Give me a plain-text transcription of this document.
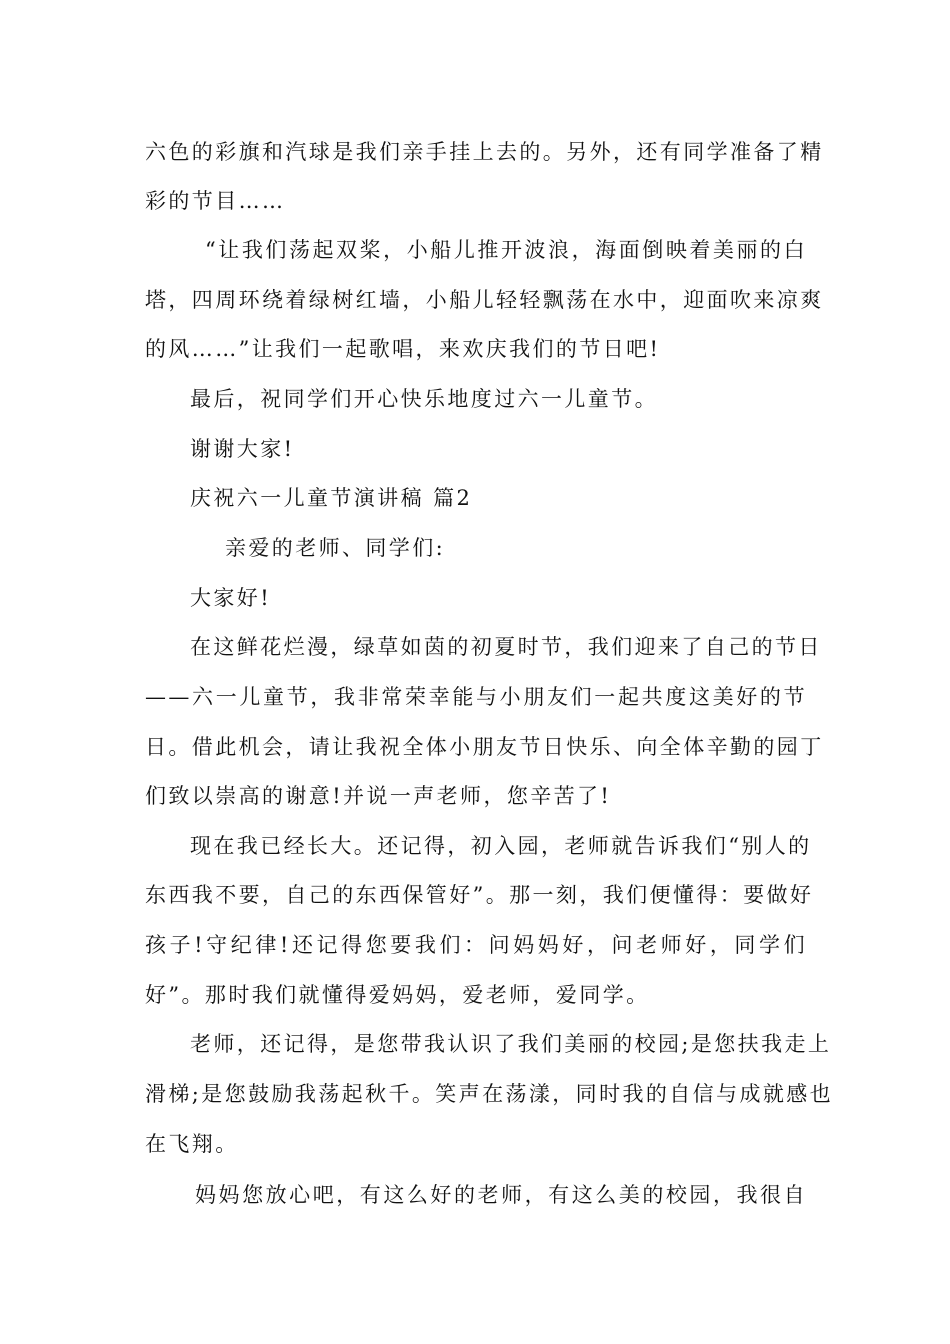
六色的彩旗和汽球是我们亲手挂上去的。另外，还有同学准备了精
彩的节目……
“让我们荡起双桨，小船儿推开波浪，海面倒映着美丽的白
塔，四周环绕着绿树红墙，小船儿轻轻飘荡在水中，迎面吹来凉爽
的风……”让我们一起歌唱，来欢庆我们的节日吧!
最后，祝同学们开心快乐地度过六一儿童节。
谢谢大家!
庆祝六一儿童节演讲稿 篇2
亲爱的老师、同学们:
大家好!
在这鲜花烂漫，绿草如茵的初夏时节，我们迎来了自己的节日
——六一儿童节，我非常荣幸能与小朋友们一起共度这美好的节
日。借此机会，请让我祝全体小朋友节日快乐、向全体辛勤的园丁
们致以崇高的谢意!并说一声老师，您辛苦了!
现在我已经长大。还记得，初入园，老师就告诉我们“别人的
东西我不要，自己的东西保管好”。那一刻，我们便懂得：要做好
孩子!守纪律!还记得您要我们：问妈妈好，问老师好，同学们
好”。那时我们就懂得爱妈妈，爱老师，爱同学。
老师，还记得，是您带我认识了我们美丽的校园;是您扶我走上
滑梯;是您鼓励我荡起秋千。笑声在荡漾，同时我的自信与成就感也
在飞翔。
妈妈您放心吧，有这么好的老师，有这么美的校园，我很自
